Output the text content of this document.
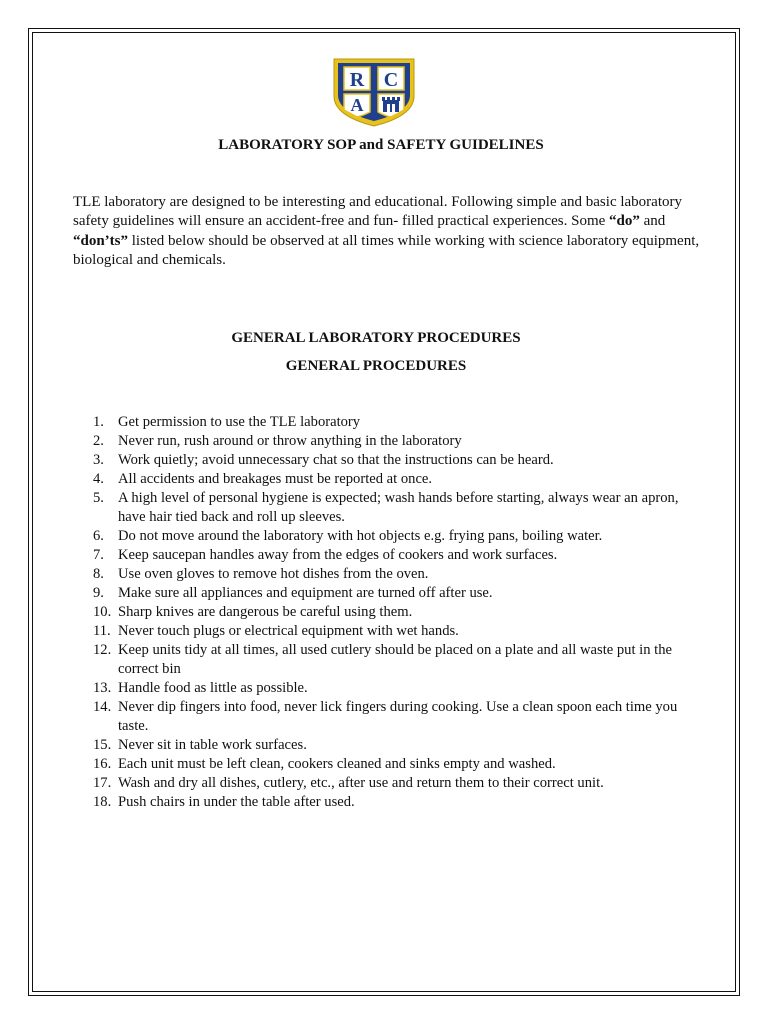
R C
A
LABORATORY SOP and SAFETY GUIDELINES
TLE laboratory are designed to be interesting and educational. Following simple and basic laboratory safety guidelines will ensure an accident-free and fun- filled practical experiences. Some “do” and “don’ts” listed below should be observed at all times while working with science laboratory equipment, biological and chemicals.
GENERAL LABORATORY PROCEDURES
GENERAL PROCEDURES
1. Get permission to use the TLE laboratory
2. Never run, rush around or throw anything in the laboratory
3. Work quietly; avoid unnecessary chat so that the instructions can be heard.
4. All accidents and breakages must be reported at once.
5. A high level of personal hygiene is expected; wash hands before starting, always wear an apron, have hair tied back and roll up sleeves.
6. Do not move around the laboratory with hot objects e.g. frying pans, boiling water.
7. Keep saucepan handles away from the edges of cookers and work surfaces.
8. Use oven gloves to remove hot dishes from the oven.
9. Make sure all appliances and equipment are turned off after use.
10. Sharp knives are dangerous be careful using them.
11. Never touch plugs or electrical equipment with wet hands.
12. Keep units tidy at all times, all used cutlery should be placed on a plate and all waste put in the correct bin
13. Handle food as little as possible.
14. Never dip fingers into food, never lick fingers during cooking. Use a clean spoon each time you taste.
15. Never sit in table work surfaces.
16. Each unit must be left clean, cookers cleaned and sinks empty and washed.
17. Wash and dry all dishes, cutlery, etc., after use and return them to their correct unit.
18. Push chairs in under the table after used.
